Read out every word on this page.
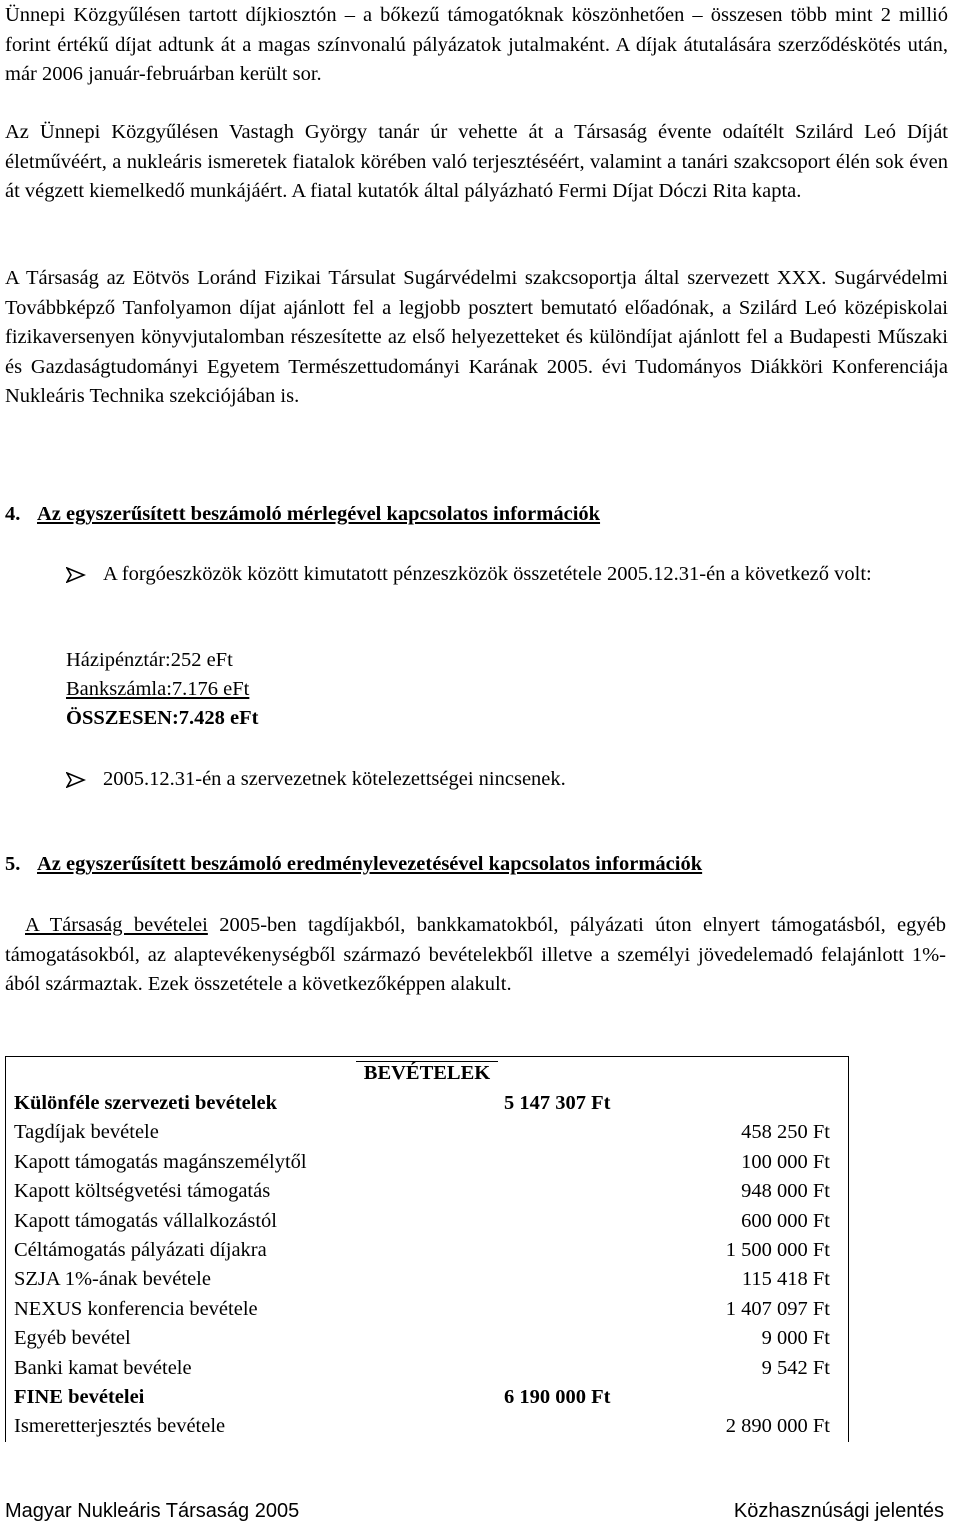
Ünnepi Közgyűlésen tartott díjkiosztón – a bőkezű támogatóknak köszönhetően – összesen több mint 2 millió forint értékű díjat adtunk át a magas színvonalú pályázatok jutalmaként. A díjak átutalására szerződéskötés után, már 2006 január-februárban került sor.
Az Ünnepi Közgyűlésen Vastagh György tanár úr vehette át a Társaság évente odaítélt Szilárd Leó Díját életművéért, a nukleáris ismeretek fiatalok körében való terjesztéséért, valamint a tanári szakcsoport élén sok éven át végzett kiemelkedő munkájáért. A fiatal kutatók által pályázható Fermi Díjat Dóczi Rita kapta.
A Társaság az Eötvös Loránd Fizikai Társulat Sugárvédelmi szakcsoportja által szervezett XXX. Sugárvédelmi Továbbképző Tanfolyamon díjat ajánlott fel a legjobb posztert bemutató előadónak, a Szilárd Leó középiskolai fizikaversenyen könyvjutalomban részesítette az első helyezetteket és különdíjat ajánlott fel a Budapesti Műszaki és Gazdaságtudományi Egyetem Természettudományi Karának 2005. évi Tudományos Diákköri Konferenciája Nukleáris Technika szekciójában is.
4. Az egyszerűsített beszámoló mérlegével kapcsolatos információk
A forgóeszközök között kimutatott pénzeszközök összetétele 2005.12.31-én a következő volt:
Házipénztár:252 eFt
Bankszámla:7.176 eFt
ÖSSZESEN:7.428 eFt
2005.12.31-én a szervezetnek kötelezettségei nincsenek.
5. Az egyszerűsített beszámoló eredménylevezetésével kapcsolatos információk
A Társaság bevételei 2005-ben tagdíjakból, bankkamatokból, pályázati úton elnyert támogatásból, egyéb támogatásokból, az alaptevékenységből származó bevételekből illetve a személyi jövedelemadó felajánlott 1%-ából származtak. Ezek összetétele a következőképpen alakult.
BEVÉTELEK
Különféle szervezeti bevételek	5 147 307 Ft
Tagdíjak bevétele	458 250 Ft
Kapott támogatás magánszemélytől	100 000 Ft
Kapott költségvetési támogatás	948 000 Ft
Kapott támogatás vállalkozástól	600 000 Ft
Céltámogatás pályázati díjakra	1 500 000 Ft
SZJA 1%-ának bevétele	115 418 Ft
NEXUS konferencia bevétele	1 407 097 Ft
Egyéb bevétel	9 000 Ft
Banki kamat bevétele	9 542 Ft
FINE bevételei	6 190 000 Ft
Ismeretterjesztés bevétele	2 890 000 Ft
Magyar Nukleáris Társaság 2005	Közhasznúsági jelentés
